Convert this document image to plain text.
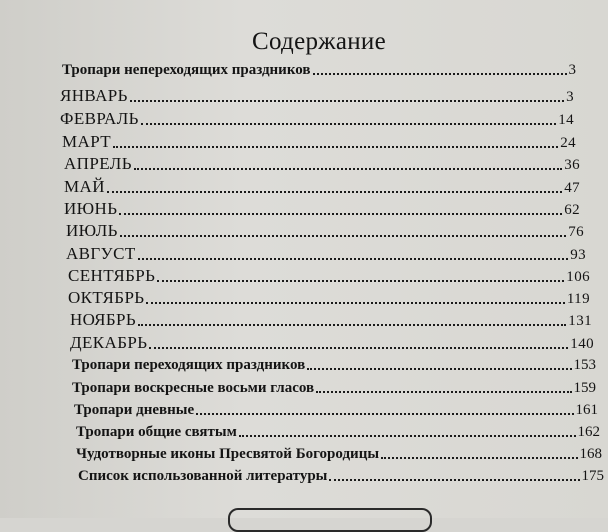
Содержание
Тропари непереходящих праздников	3
ЯНВАРЬ	3
ФЕВРАЛЬ	14
МАРТ	24
АПРЕЛЬ	36
МАЙ	47
ИЮНЬ	62
ИЮЛЬ	76
АВГУСТ	93
СЕНТЯБРЬ	106
ОКТЯБРЬ	119
НОЯБРЬ	131
ДЕКАБРЬ	140
Тропари переходящих праздников	153
Тропари воскресные восьми гласов	159
Тропари дневные	161
Тропари общие святым	162
Чудотворные иконы Пресвятой Богородицы	168
Список использованной литературы	175
